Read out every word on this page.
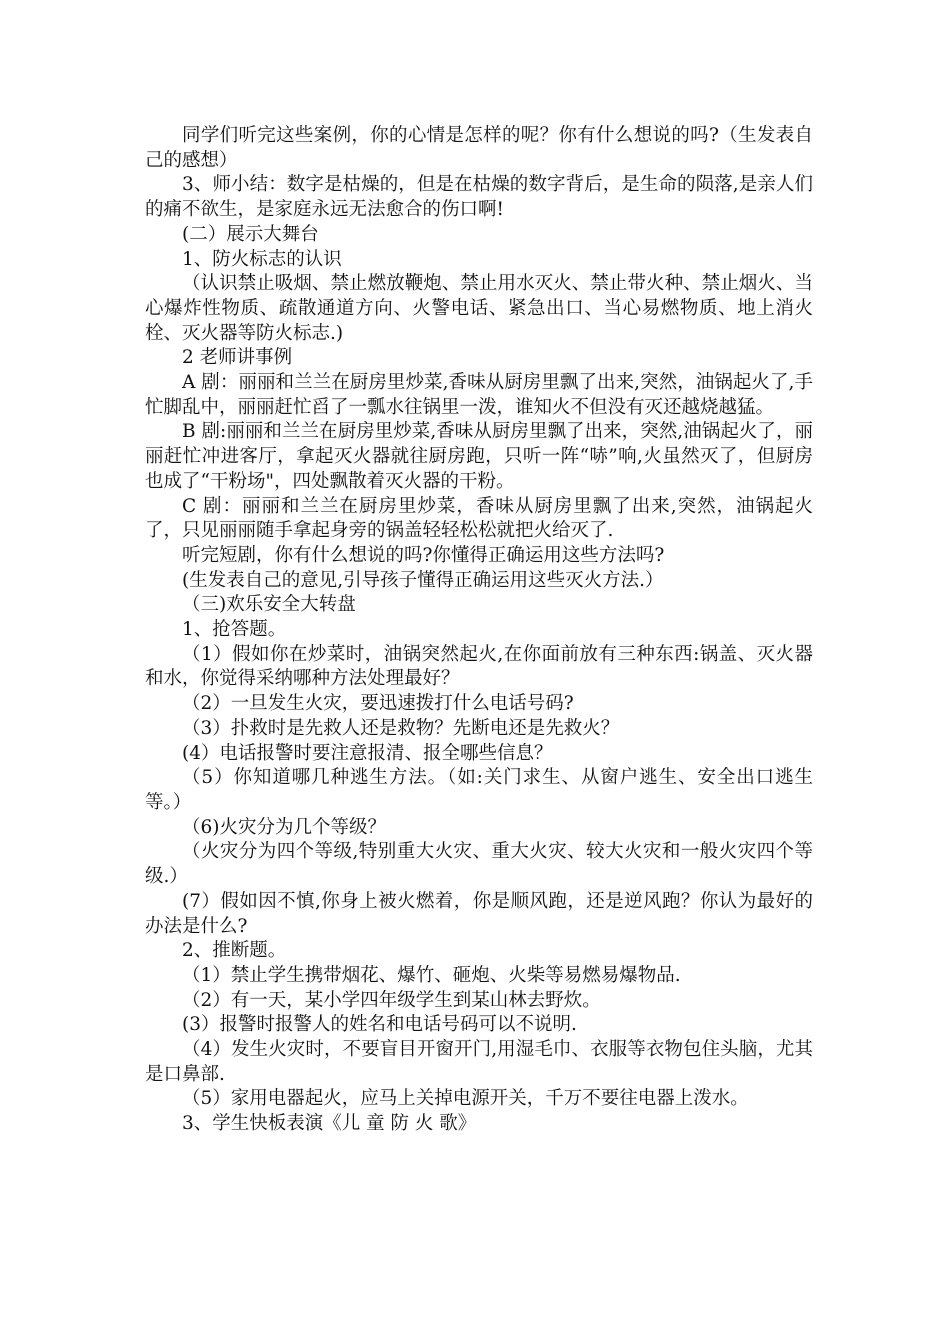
同学们听完这些案例，你的心情是怎样的呢？你有什么想说的吗?（生发表自己的感想）

3、师小结：数字是枯燥的，但是在枯燥的数字背后，是生命的陨落,是亲人们的痛不欲生，是家庭永远无法愈合的伤口啊!

(二）展示大舞台

1、防火标志的认识

（认识禁止吸烟、禁止燃放鞭炮、禁止用水灭火、禁止带火种、禁止烟火、当心爆炸性物质、疏散通道方向、火警电话、紧急出口、当心易燃物质、地上消火栓、灭火器等防火标志.)

2 老师讲事例

A 剧：丽丽和兰兰在厨房里炒菜,香味从厨房里飘了出来,突然，油锅起火了,手忙脚乱中，丽丽赶忙舀了一瓢水往锅里一泼，谁知火不但没有灭还越烧越猛。

B 剧:丽丽和兰兰在厨房里炒菜,香味从厨房里飘了出来，突然,油锅起火了，丽丽赶忙冲进客厅，拿起灭火器就往厨房跑，只听一阵“哧”响,火虽然灭了，但厨房也成了“干粉场"，四处飘散着灭火器的干粉。

C 剧：丽丽和兰兰在厨房里炒菜，香味从厨房里飘了出来,突然，油锅起火了，只见丽丽随手拿起身旁的锅盖轻轻松松就把火给灭了.

听完短剧，你有什么想说的吗?你懂得正确运用这些方法吗?

(生发表自己的意见,引导孩子懂得正确运用这些灭火方法.）

（三)欢乐安全大转盘

1、抢答题。

（1）假如你在炒菜时，油锅突然起火,在你面前放有三种东西:锅盖、灭火器和水，你觉得采纳哪种方法处理最好？

（2）一旦发生火灾，要迅速拨打什么电话号码?

（3）扑救时是先救人还是救物？先断电还是先救火？

(4）电话报警时要注意报清、报全哪些信息？

（5）你知道哪几种逃生方法。（如:关门求生、从窗户逃生、安全出口逃生等。）

（6)火灾分为几个等级？

（火灾分为四个等级,特别重大火灾、重大火灾、较大火灾和一般火灾四个等级.）

(7）假如因不慎,你身上被火燃着，你是顺风跑，还是逆风跑？你认为最好的办法是什么?

2、推断题。

（1）禁止学生携带烟花、爆竹、砸炮、火柴等易燃易爆物品.

（2）有一天，某小学四年级学生到某山林去野炊。

(3）报警时报警人的姓名和电话号码可以不说明.

（4）发生火灾时，不要盲目开窗开门,用湿毛巾、衣服等衣物包住头脑，尤其是口鼻部.

（5）家用电器起火，应马上关掉电源开关，千万不要往电器上泼水。

3、学生快板表演《儿 童 防 火 歌》
